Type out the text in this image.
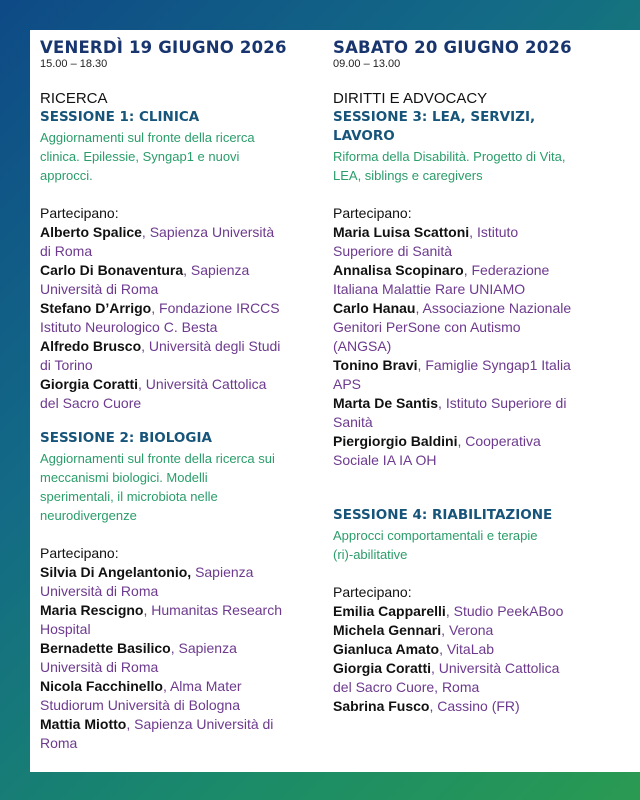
VENERDÌ 19 GIUGNO 2026
15.00 – 18.30
RICERCA
SESSIONE 1: CLINICA
Aggiornamenti sul fronte della ricerca
clinica. Epilessie, Syngap1 e nuovi
approcci.
Partecipano:
Alberto Spalice, Sapienza Università
di Roma
Carlo Di Bonaventura, Sapienza
Università di Roma
Stefano D’Arrigo, Fondazione IRCCS
Istituto Neurologico C. Besta
Alfredo Brusco, Università degli Studi
di Torino
Giorgia Coratti, Università Cattolica
del Sacro Cuore
SESSIONE 2: BIOLOGIA
Aggiornamenti sul fronte della ricerca sui
meccanismi biologici. Modelli
sperimentali, il microbiota nelle
neurodivergenze
Partecipano:
Silvia Di Angelantonio, Sapienza
Università di Roma
Maria Rescigno, Humanitas Research
Hospital
Bernadette Basilico, Sapienza
Università di Roma
Nicola Facchinello, Alma Mater
Studiorum Università di Bologna
Mattia Miotto, Sapienza Università di
Roma
SABATO 20 GIUGNO 2026
09.00 – 13.00
DIRITTI E ADVOCACY
SESSIONE 3: LEA, SERVIZI,
LAVORO
Riforma della Disabilità. Progetto di Vita,
LEA, siblings e caregivers
Partecipano:
Maria Luisa Scattoni, Istituto
Superiore di Sanità
Annalisa Scopinaro, Federazione
Italiana Malattie Rare UNIAMO
Carlo Hanau, Associazione Nazionale
Genitori PerSone con Autismo
(ANGSA)
Tonino Bravi, Famiglie Syngap1 Italia
APS
Marta De Santis, Istituto Superiore di
Sanità
Piergiorgio Baldini, Cooperativa
Sociale IA IA OH
SESSIONE 4: RIABILITAZIONE
Approcci comportamentali e terapie
(ri)-abilitative
Partecipano:
Emilia Capparelli, Studio PeekABoo
Michela Gennari, Verona
Gianluca Amato, VitaLab
Giorgia Coratti, Università Cattolica
del Sacro Cuore, Roma
Sabrina Fusco, Cassino (FR)
